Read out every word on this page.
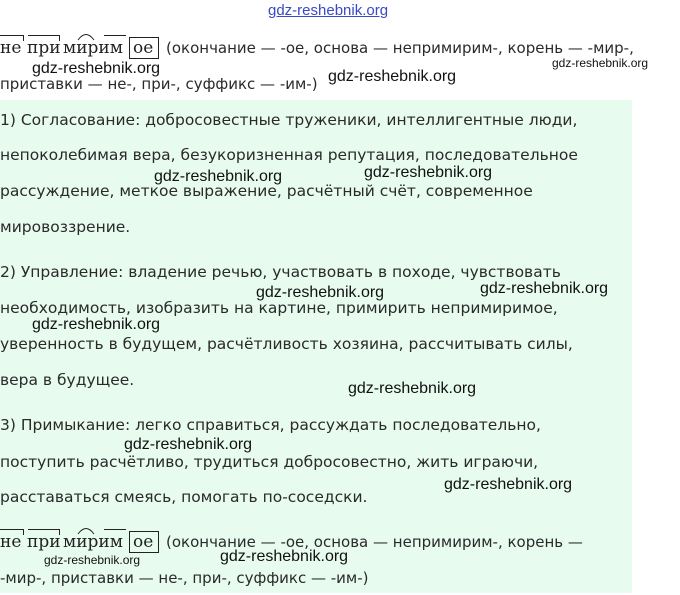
gdz-reshebnik.org
не при мирим ое (окончание — -ое, основа — непримирим-, корень — -мир-,
приставки — не-, при-, суффикс — -им-)
1) Согласование: добросовестные труженики, интеллигентные люди,
непоколебимая вера, безукоризненная репутация, последовательное
рассуждение, меткое выражение, расчётный счёт, современное
мировоззрение.
2) Управление: владение речью, участвовать в походе, чувствовать
необходимость, изобразить на картине, примирить непримиримое,
уверенность в будущем, расчётливость хозяина, рассчитывать силы,
вера в будущее.
3) Примыкание: легко справиться, рассуждать последовательно,
поступить расчётливо, трудиться добросовестно, жить играючи,
расставаться смеясь, помогать по-соседски.
не при мирим ое (окончание — -ое, основа — непримирим-, корень —
-мир-, приставки — не-, при-, суффикс — -им-)
gdz-reshebnik.org	gdz-reshebnik.org
gdz-reshebnik.org
gdz-reshebnik.org
gdz-reshebnik.org
gdz-reshebnik.org
gdz-reshebnik.org
gdz-reshebnik.org
gdz-reshebnik.org
gdz-reshebnik.org
gdz-reshebnik.org
gdz-reshebnik.org	gdz-reshebnik.org
